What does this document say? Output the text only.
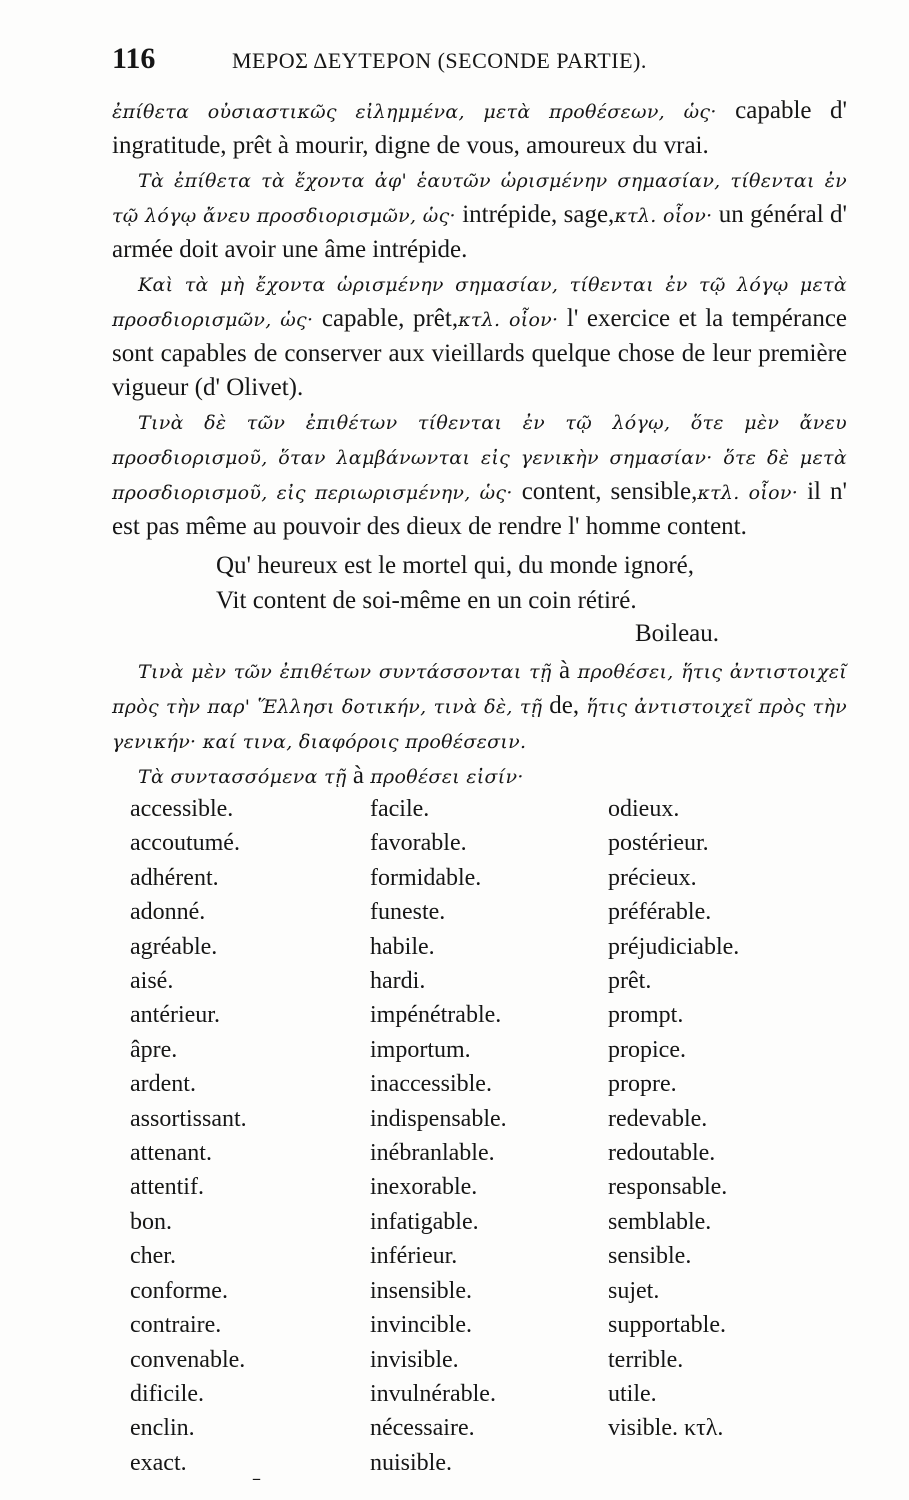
116	ΜΕΡΟΣ ΔΕΥΤΕΡΟΝ (SECONDE PARTIE).

ἐπίθετα οὐσιαστικῶς εἰλημμένα, μετὰ προθέσεων, ὡς· capable d' ingratitude, prêt à mourir, digne de vous, amoureux du vrai.

Τὰ ἐπίθετα τὰ ἔχοντα ἀφ' ἑαυτῶν ὡρισμένην σημασίαν, τίθενται ἐν τῷ λόγῳ ἄνευ προσδιορισμῶν, ὡς· intrépide, sage,κτλ. οἷον· un général d' armée doit avoir une âme intrépide.

Καὶ τὰ μὴ ἔχοντα ὡρισμένην σημασίαν, τίθενται ἐν τῷ λόγῳ μετὰ προσδιορισμῶν, ὡς· capable, prêt,κτλ. οἷον· l' exercice et la tempérance sont capables de conserver aux vieillards quelque chose de leur première vigueur (d' Olivet).

Τινὰ δὲ τῶν ἐπιθέτων τίθενται ἐν τῷ λόγῳ, ὅτε μὲν ἄνευ προσδιορισμοῦ, ὅταν λαμβάνωνται εἰς γενικὴν σημασίαν· ὅτε δὲ μετὰ προσδιορισμοῦ, εἰς περιωρισμένην, ὡς· content, sensible,κτλ. οἷον· il n' est pas même au pouvoir des dieux de rendre l' homme content.

Qu' heureux est le mortel qui, du monde ignoré,
Vit content de soi-même en un coin rétiré.
Boileau.

Τινὰ μὲν τῶν ἐπιθέτων συντάσσονται τῇ à προθέσει, ἥτις ἀντιστοιχεῖ πρὸς τὴν παρ' Ἕλλησι δοτικήν, τινὰ δὲ, τῇ de, ἥτις ἀντιστοιχεῖ πρὸς τὴν γενικήν· καί τινα, διαφόροις προθέσεσιν.

Τὰ συντασσόμενα τῇ à προθέσει εἰσίν·

accessible.
accoutumé.
adhérent.
adonné.
agréable.
aisé.
antérieur.
âpre.
ardent.
assortissant.
attenant.
attentif.
bon.
cher.
conforme.
contraire.
convenable.
dificile.
enclin.
exact.
facile.
favorable.
formidable.
funeste.
habile.
hardi.
impénétrable.
importum.
inaccessible.
indispensable.
inébranlable.
inexorable.
infatigable.
inférieur.
insensible.
invincible.
invisible.
invulnérable.
nécessaire.
nuisible.
odieux.
postérieur.
précieux.
préférable.
préjudiciable.
prêt.
prompt.
propice.
propre.
redevable.
redoutable.
responsable.
semblable.
sensible.
sujet.
supportable.
terrible.
utile.
visible. κτλ.
–
